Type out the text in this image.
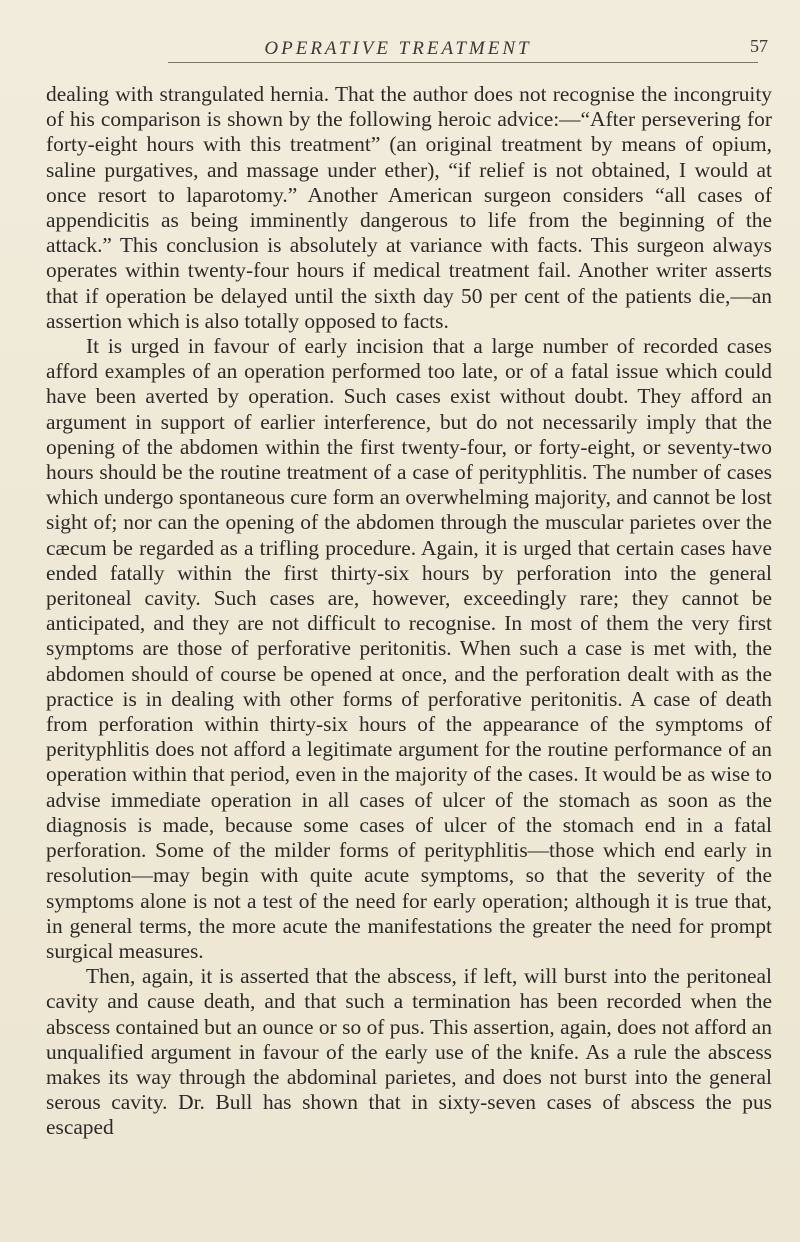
OPERATIVE TREATMENT	57

dealing with strangulated hernia. That the author does not recognise the incongruity of his comparison is shown by the following heroic advice:—“After persevering for forty-eight hours with this treatment” (an original treatment by means of opium, saline purgatives, and massage under ether), “if relief is not obtained, I would at once resort to laparotomy.” Another American surgeon considers “all cases of appendicitis as being imminently dangerous to life from the beginning of the attack.” This conclusion is absolutely at variance with facts. This surgeon always operates within twenty-four hours if medical treatment fail. Another writer asserts that if operation be delayed until the sixth day 50 per cent of the patients die,—an assertion which is also totally opposed to facts.

It is urged in favour of early incision that a large number of recorded cases afford examples of an operation performed too late, or of a fatal issue which could have been averted by operation. Such cases exist without doubt. They afford an argument in support of earlier interference, but do not necessarily imply that the opening of the abdomen within the first twenty-four, or forty-eight, or seventy-two hours should be the routine treatment of a case of perityphlitis. The number of cases which undergo spontaneous cure form an overwhelming majority, and cannot be lost sight of; nor can the opening of the abdomen through the muscular parietes over the cæcum be regarded as a trifling procedure. Again, it is urged that certain cases have ended fatally within the first thirty-six hours by perforation into the general peritoneal cavity. Such cases are, however, exceedingly rare; they cannot be anticipated, and they are not difficult to recognise. In most of them the very first symptoms are those of perforative peritonitis. When such a case is met with, the abdomen should of course be opened at once, and the perforation dealt with as the practice is in dealing with other forms of perforative peritonitis. A case of death from perforation within thirty-six hours of the appearance of the symptoms of perityphlitis does not afford a legitimate argument for the routine performance of an operation within that period, even in the majority of the cases. It would be as wise to advise immediate operation in all cases of ulcer of the stomach as soon as the diagnosis is made, because some cases of ulcer of the stomach end in a fatal perforation. Some of the milder forms of perityphlitis—those which end early in resolution—may begin with quite acute symptoms, so that the severity of the symptoms alone is not a test of the need for early operation; although it is true that, in general terms, the more acute the manifestations the greater the need for prompt surgical measures.

Then, again, it is asserted that the abscess, if left, will burst into the peritoneal cavity and cause death, and that such a termination has been recorded when the abscess contained but an ounce or so of pus. This assertion, again, does not afford an unqualified argument in favour of the early use of the knife. As a rule the abscess makes its way through the abdominal parietes, and does not burst into the general serous cavity. Dr. Bull has shown that in sixty-seven cases of abscess the pus escaped
